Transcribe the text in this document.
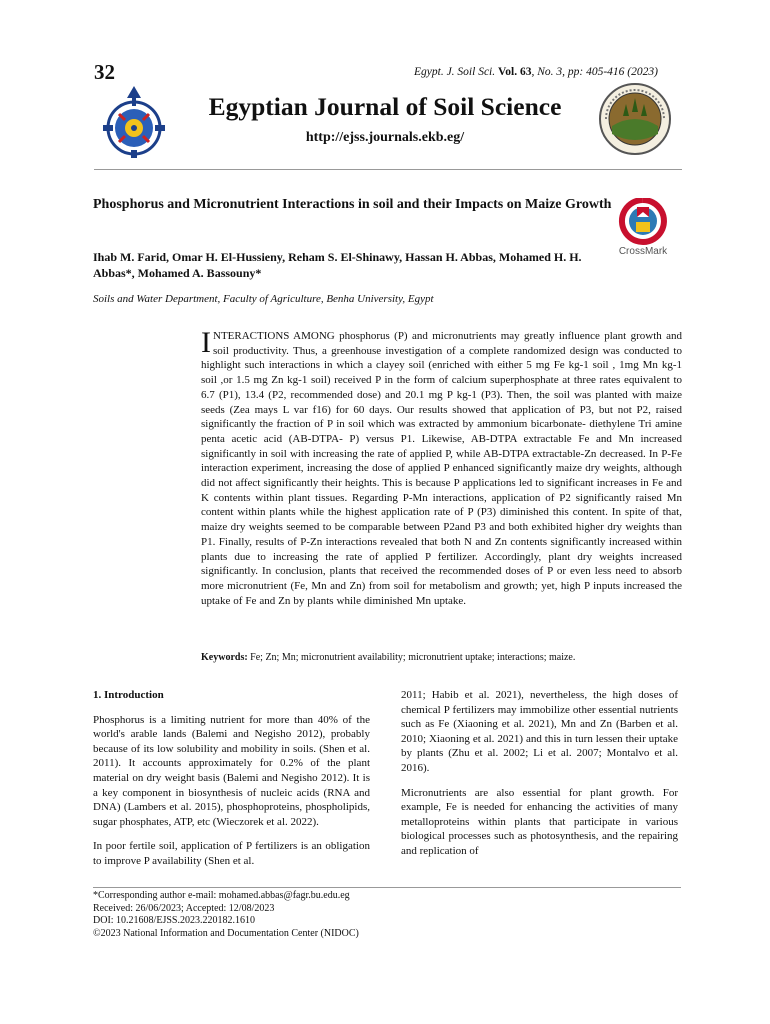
32	Egypt. J. Soil Sci. Vol. 63, No. 3, pp: 405-416 (2023)
Egyptian Journal of Soil Science
http://ejss.journals.ekb.eg/
Phosphorus and Micronutrient Interactions in soil and their Impacts on Maize Growth
CrossMark
Ihab M. Farid, Omar H. El-Hussieny, Reham S. El-Shinawy, Hassan H. Abbas, Mohamed H. H. Abbas*, Mohamed A. Bassouny*
Soils and Water Department, Faculty of Agriculture, Benha University, Egypt
INTERACTIONS AMONG phosphorus (P) and micronutrients may greatly influence plant growth and soil productivity. Thus, a greenhouse investigation of a complete randomized design was conducted to highlight such interactions in which a clayey soil (enriched with either 5 mg Fe kg-1 soil , 1mg Mn kg-1 soil ,or 1.5 mg Zn kg-1 soil) received P in the form of calcium superphosphate at three rates equivalent to 6.7 (P1), 13.4 (P2, recommended dose) and 20.1 mg P kg-1 (P3). Then, the soil was planted with maize seeds (Zea mays L var f16) for 60 days. Our results showed that application of P3, but not P2, raised significantly the fraction of P in soil which was extracted by ammonium bicarbonate- diethylene Tri amine penta acetic acid (AB-DTPA- P) versus P1. Likewise, AB-DTPA extractable Fe and Mn increased significantly in soil with increasing the rate of applied P, while AB-DTPA extractable-Zn decreased. In P-Fe interaction experiment, increasing the dose of applied P enhanced significantly maize dry weights, although did not affect significantly their heights. This is because P applications led to significant increases in Fe and K contents within plant tissues. Regarding P-Mn interactions, application of P2 significantly raised Mn content within plants while the highest application rate of P (P3) diminished this content. In spite of that, maize dry weights seemed to be comparable between P2and P3 and both exhibited higher dry weights than P1. Finally, results of P-Zn interactions revealed that both N and Zn contents significantly increased within plants due to increasing the rate of applied P fertilizer. Accordingly, plant dry weights increased significantly. In conclusion, plants that received the recommended doses of P or even less need to absorb more micronutrient (Fe, Mn and Zn) from soil for metabolism and growth; yet, high P inputs increased the uptake of Fe and Zn by plants while diminished Mn uptake.
Keywords: Fe; Zn; Mn; micronutrient availability; micronutrient uptake; interactions; maize.

1. Introduction

Phosphorus is a limiting nutrient for more than 40% of the world's arable lands (Balemi and Negisho 2012), probably because of its low solubility and mobility in soils. (Shen et al. 2011). It accounts approximately for 0.2% of the plant material on dry weight basis (Balemi and Negisho 2012). It is a key component in biosynthesis of nucleic acids (RNA and DNA) (Lambers et al. 2015), phosphoproteins, phospholipids, sugar phosphates, ATP, etc (Wieczorek et al. 2022).

In poor fertile soil, application of P fertilizers is an obligation to improve P availability (Shen et al.

2011; Habib et al. 2021), nevertheless, the high doses of chemical P fertilizers may immobilize other essential nutrients such as Fe (Xiaoning et al. 2021), Mn and Zn (Barben et al. 2010; Xiaoning et al. 2021) and this in turn lessen their uptake by plants (Zhu et al. 2002; Li et al. 2007; Montalvo et al. 2016).

Micronutrients are also essential for plant growth. For example, Fe is needed for enhancing the activities of many metalloproteins within plants that participate in various biological processes such as photosynthesis, and the repairing and replication of

*Corresponding author e-mail: mohamed.abbas@fagr.bu.edu.eg
Received: 26/06/2023; Accepted: 12/08/2023
DOI: 10.21608/EJSS.2023.220182.1610
©2023 National Information and Documentation Center (NIDOC)
